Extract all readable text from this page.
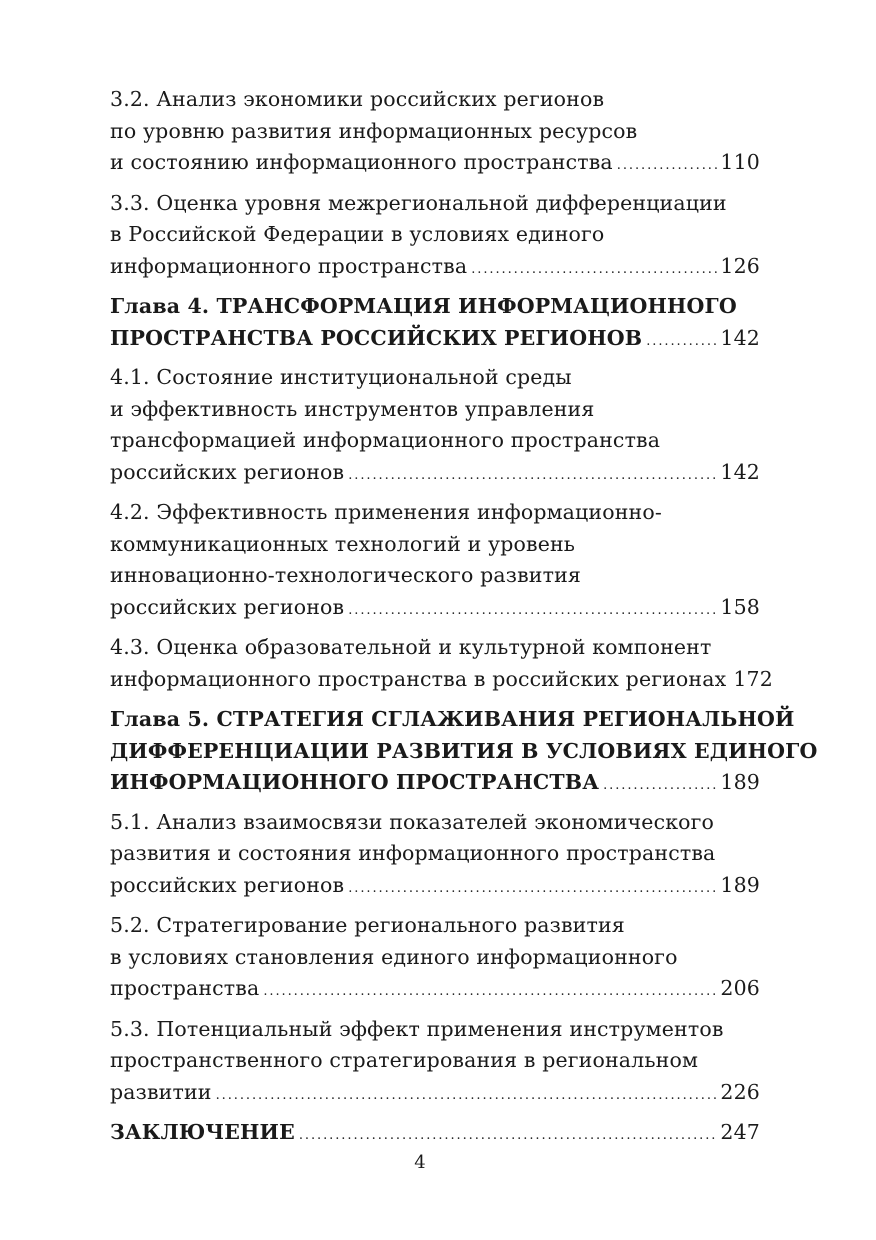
3.2. Анализ экономики российских регионов
по уровню развития информационных ресурсов
и состоянию информационного пространства . . .	110
3.3. Оценка уровня межрегиональной дифференциации
в Российской Федерации в условиях единого
информационного пространства . . .	126
Глава 4. ТРАНСФОРМАЦИЯ ИНФОРМАЦИОННОГО
ПРОСТРАНСТВА РОССИЙСКИХ РЕГИОНОВ . . .	142
4.1. Состояние институциональной среды
и эффективность инструментов управления
трансформацией информационного пространства
российских регионов . . .	142
4.2. Эффективность применения информационно-
коммуникационных технологий и уровень
инновационно-технологического развития
российских регионов . . .	158
4.3. Оценка образовательной и культурной компонент
информационного пространства в российских регионах 172
Глава 5. СТРАТЕГИЯ СГЛАЖИВАНИЯ РЕГИОНАЛЬНОЙ
ДИФФЕРЕНЦИАЦИИ РАЗВИТИЯ В УСЛОВИЯХ ЕДИНОГО
ИНФОРМАЦИОННОГО ПРОСТРАНСТВА . . .	189
5.1. Анализ взаимосвязи показателей экономического
развития и состояния информационного пространства
российских регионов . . .	189
5.2. Стратегирование регионального развития
в условиях становления единого информационного
пространства . . .	206
5.3. Потенциальный эффект применения инструментов
пространственного стратегирования в региональном
развитии . . .	226
ЗАКЛЮЧЕНИЕ . . .	247
4
